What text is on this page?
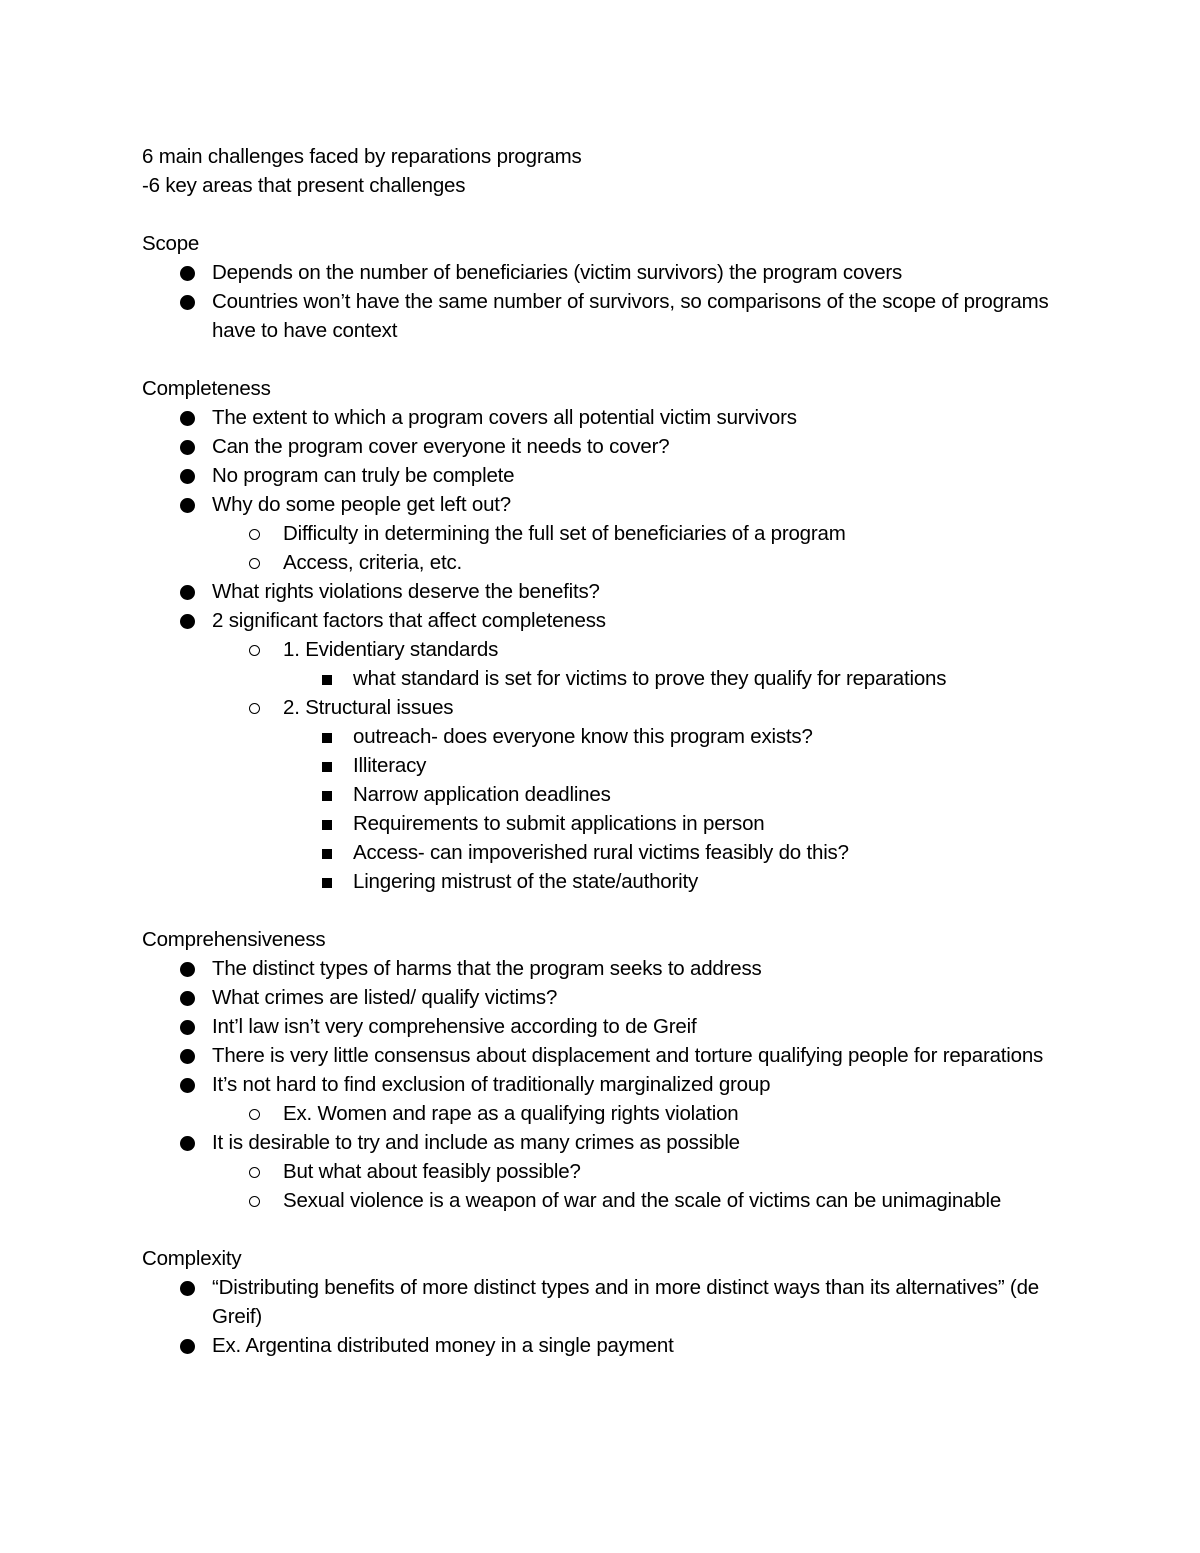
6 main challenges faced by reparations programs

-6 key areas that present challenges

Scope

Depends on the number of beneficiaries (victim survivors) the program covers
Countries won’t have the same number of survivors, so comparisons of the scope of programs have to have context

Completeness

The extent to which a program covers all potential victim survivors
Can the program cover everyone it needs to cover?
No program can truly be complete
Why do some people get left out?
Difficulty in determining the full set of beneficiaries of a program
Access, criteria, etc.
What rights violations deserve the benefits?
2 significant factors that affect completeness
1. Evidentiary standards
what standard is set for victims to prove they qualify for reparations
2. Structural issues
outreach- does everyone know this program exists?
Illiteracy
Narrow application deadlines
Requirements to submit applications in person
Access- can impoverished rural victims feasibly do this?
Lingering mistrust of the state/authority

Comprehensiveness

The distinct types of harms that the program seeks to address
What crimes are listed/ qualify victims?
Int’l law isn’t very comprehensive according to de Greif
There is very little consensus about displacement and torture qualifying people for reparations
It’s not hard to find exclusion of traditionally marginalized group
Ex. Women and rape as a qualifying rights violation
It is desirable to try and include as many crimes as possible
But what about feasibly possible?
Sexual violence is a weapon of war and the scale of victims can be unimaginable

Complexity

“Distributing benefits of more distinct types and in more distinct ways than its alternatives” (de Greif)
Ex. Argentina distributed money in a single payment
